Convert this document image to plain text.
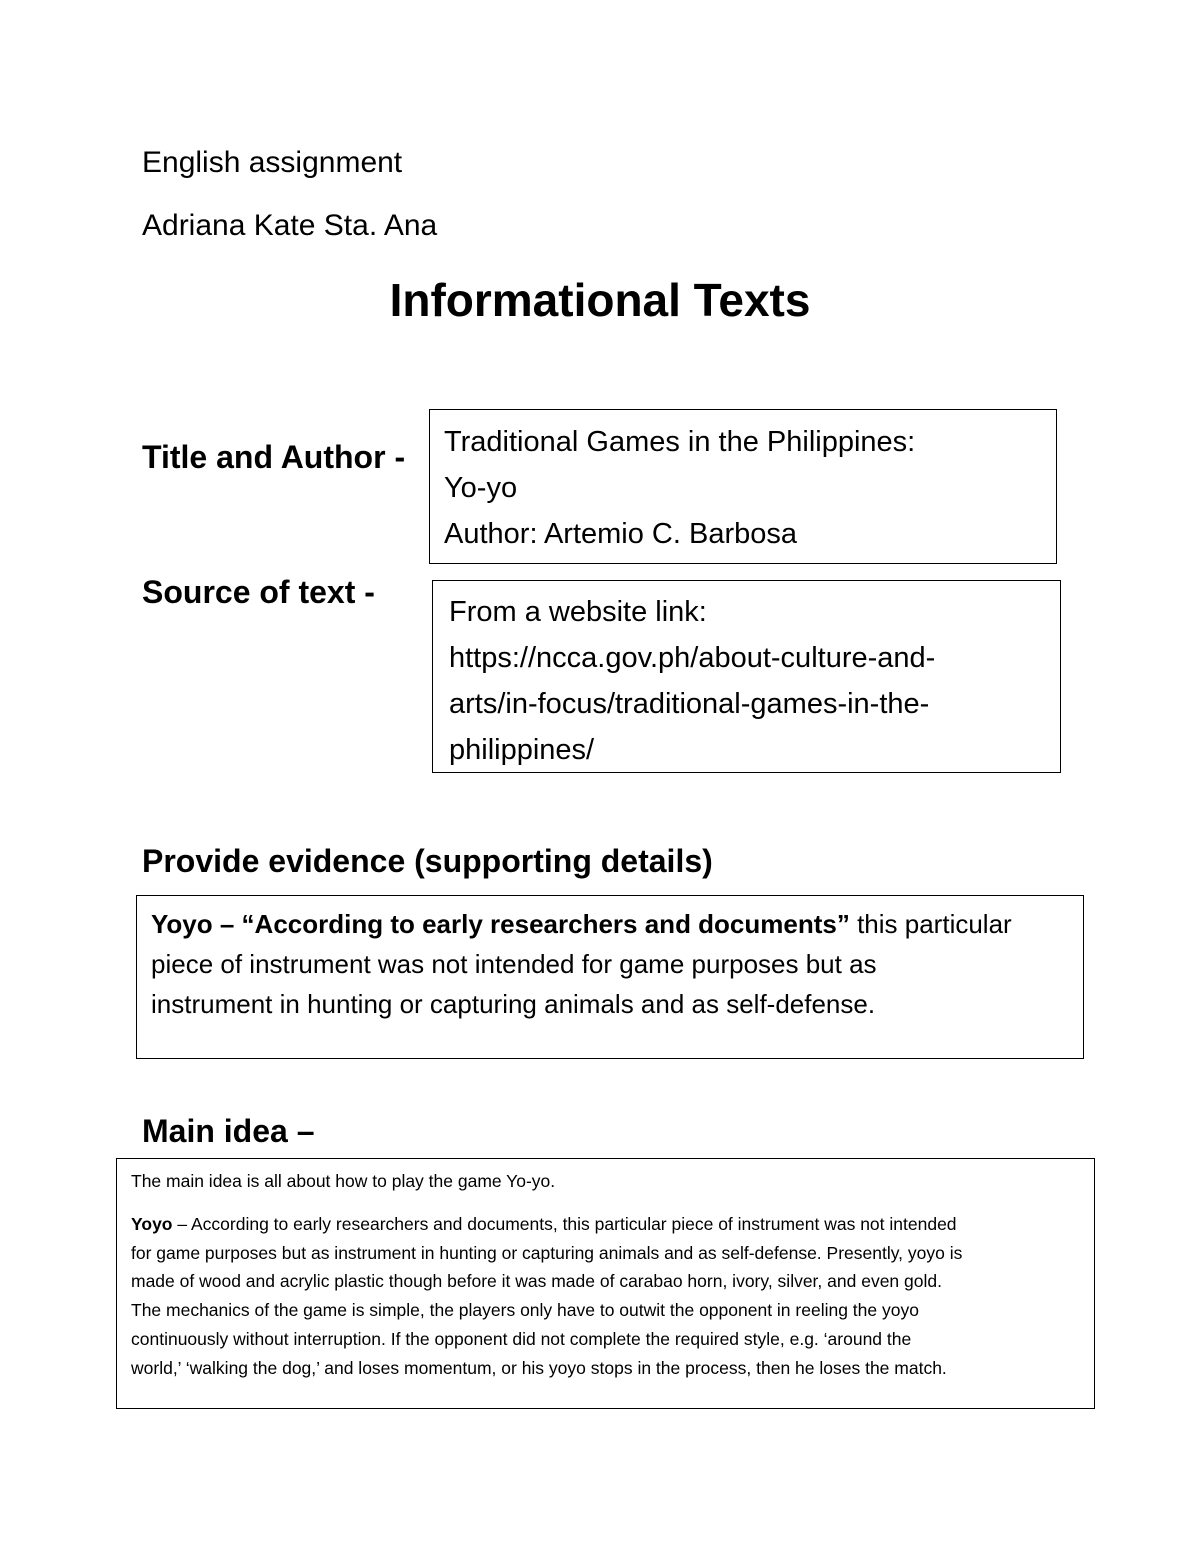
English assignment
Adriana Kate Sta. Ana
Informational Texts
Title and Author - Traditional Games in the Philippines:
Yo-yo
Author: Artemio C. Barbosa
Source of text -
From a website link:
https://ncca.gov.ph/about-culture-and-
arts/in-focus/traditional-games-in-the-
philippines/
Provide evidence (supporting details)
Yoyo – “According to early researchers and documents” this particular
piece of instrument was not intended for game purposes but as
instrument in hunting or capturing animals and as self-defense.
Main idea –

The main idea is all about how to play the game Yo-yo.

Yoyo – According to early researchers and documents, this particular piece of instrument was not intended
for game purposes but as instrument in hunting or capturing animals and as self-defense. Presently, yoyo is
made of wood and acrylic plastic though before it was made of carabao horn, ivory, silver, and even gold.
The mechanics of the game is simple, the players only have to outwit the opponent in reeling the yoyo
continuously without interruption. If the opponent did not complete the required style, e.g. ‘around the
world,’ ‘walking the dog,’ and loses momentum, or his yoyo stops in the process, then he loses the match.
